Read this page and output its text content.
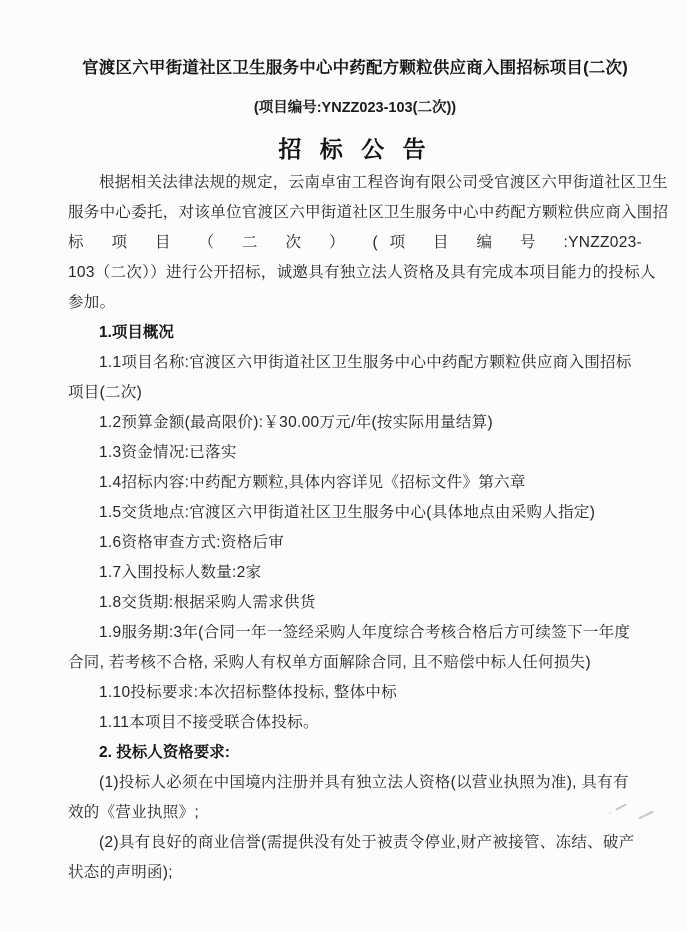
官渡区六甲街道社区卫生服务中心中药配方颗粒供应商入围招标项目(二次)
(项目编号:YNZZ023-103(二次))
招 标 公 告

根据相关法律法规的规定，云南卓宙工程咨询有限公司受官渡区六甲街道社区卫生

服务中心委托，对该单位官渡区六甲街道社区卫生服务中心中药配方颗粒供应商入围招

标 项 目 （ 二 次 ） (项 目 编 号 :YNZZ023-

103（二次））进行公开招标，诚邀具有独立法人资格及具有完成本项目能力的投标人

参加。

1.项目概况

1.1项目名称:官渡区六甲街道社区卫生服务中心中药配方颗粒供应商入围招标项目(二次)

1.2预算金额(最高限价):￥30.00万元/年(按实际用量结算)

1.3资金情况:已落实

1.4招标内容:中药配方颗粒,具体内容详见《招标文件》第六章

1.5交货地点:官渡区六甲街道社区卫生服务中心(具体地点由采购人指定)

1.6资格审查方式:资格后审

1.7入围投标人数量:2家

1.8交货期:根据采购人需求供货

1.9服务期:3年(合同一年一签经采购人年度综合考核合格后方可续签下一年度合同, 若考核不合格, 采购人有权单方面解除合同, 且不赔偿中标人任何损失)

1.10投标要求:本次招标整体投标, 整体中标

1.11本项目不接受联合体投标。

2. 投标人资格要求:

(1)投标人必须在中国境内注册并具有独立法人资格(以营业执照为准), 具有有效的《营业执照》;

(2)具有良好的商业信誉(需提供没有处于被责令停业,财产被接管、冻结、破产状态的声明函);
